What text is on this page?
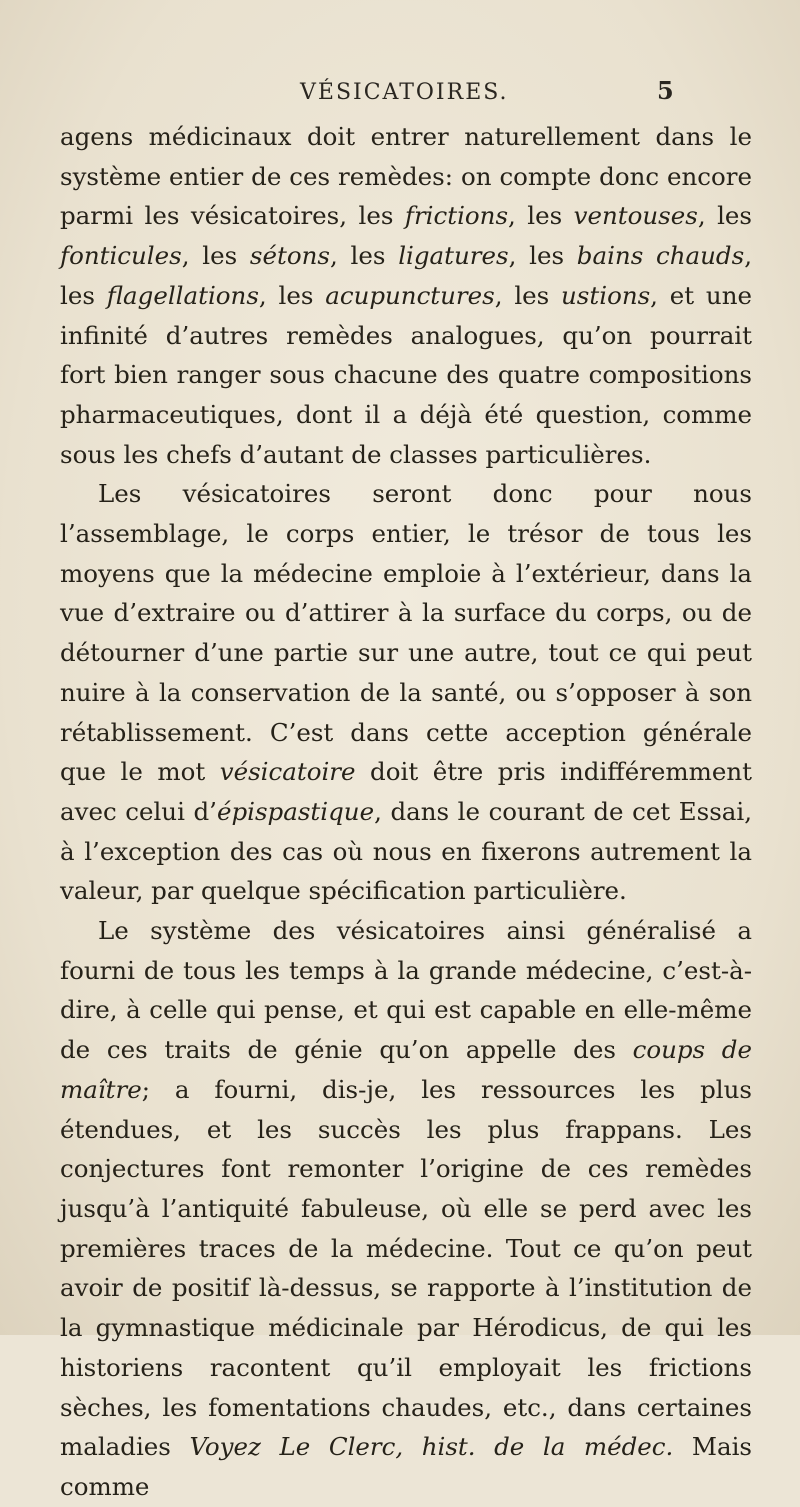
VÉSICATOIRES.	5

agens médicinaux doit entrer naturellement dans le système entier de ces remèdes: on compte donc encore parmi les vésicatoires, les frictions, les ventouses, les fonticules, les sétons, les ligatures, les bains chauds, les flagellations, les acupunctures, les ustions, et une infinité d’autres remèdes analogues, qu’on pourrait fort bien ranger sous chacune des quatre compositions pharmaceutiques, dont il a déjà été question, comme sous les chefs d’autant de classes particulières.

Les vésicatoires seront donc pour nous l’assemblage, le corps entier, le trésor de tous les moyens que la médecine emploie à l’extérieur, dans la vue d’extraire ou d’attirer à la surface du corps, ou de détourner d’une partie sur une autre, tout ce qui peut nuire à la conservation de la santé, ou s’opposer à son rétablissement. C’est dans cette acception générale que le mot vésicatoire doit être pris indifféremment avec celui d’épispastique, dans le courant de cet Essai, à l’exception des cas où nous en fixerons autrement la valeur, par quelque spécification particulière.

Le système des vésicatoires ainsi généralisé a fourni de tous les temps à la grande médecine, c’est-à-dire, à celle qui pense, et qui est capable en elle-même de ces traits de génie qu’on appelle des coups de maître; a fourni, dis-je, les ressources les plus étendues, et les succès les plus frappans. Les conjectures font remonter l’origine de ces remèdes jusqu’à l’antiquité fabuleuse, où elle se perd avec les premières traces de la médecine. Tout ce qu’on peut avoir de positif là-dessus, se rapporte à l’institution de la gymnastique médicinale par Hérodicus, de qui les historiens racontent qu’il employait les frictions sèches, les fomentations chaudes, etc., dans certaines maladies Voyez Le Clerc, hist. de la médec. Mais comme
